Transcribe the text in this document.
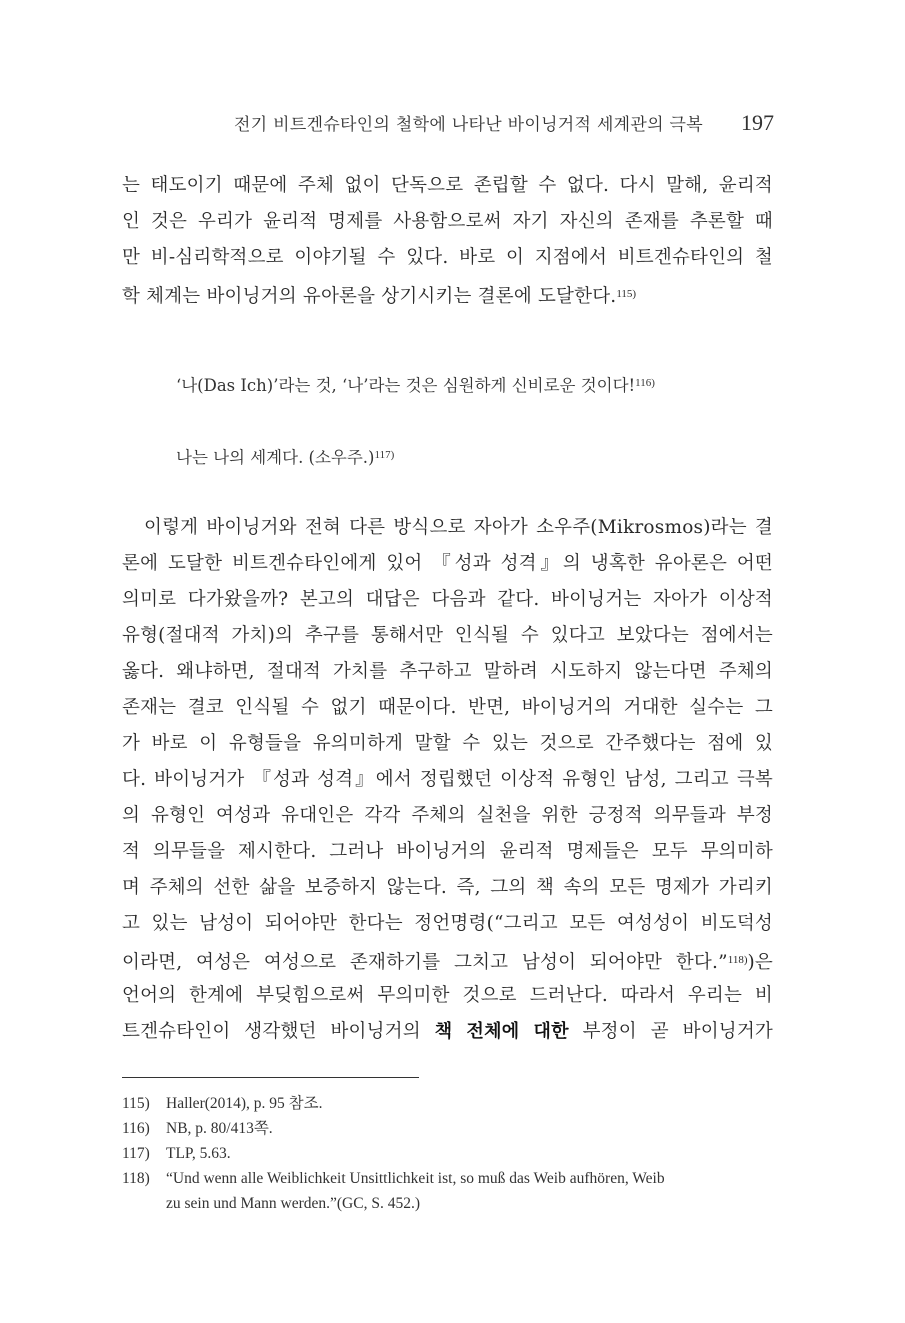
전기 비트겐슈타인의 철학에 나타난 바이닝거적 세계관의 극복 197
는 태도이기 때문에 주체 없이 단독으로 존립할 수 없다. 다시 말해, 윤리적
인 것은 우리가 윤리적 명제를 사용함으로써 자기 자신의 존재를 추론할 때
만 비-심리학적으로 이야기될 수 있다. 바로 이 지점에서 비트겐슈타인의 철
학 체계는 바이닝거의 유아론을 상기시키는 결론에 도달한다.$^{115)}$
‘나(Das Ich)’라는 것, ‘나’라는 것은 심원하게 신비로운 것이다!$^{116)}$
나는 나의 세계다. (소우주.)$^{117)}$
이렇게 바이닝거와 전혀 다른 방식으로 자아가 소우주(Mikrosmos)라는 결
론에 도달한 비트겐슈타인에게 있어 『성과 성격』의 냉혹한 유아론은 어떤
의미로 다가왔을까? 본고의 대답은 다음과 같다. 바이닝거는 자아가 이상적
유형(절대적 가치)의 추구를 통해서만 인식될 수 있다고 보았다는 점에서는
옳다. 왜냐하면, 절대적 가치를 추구하고 말하려 시도하지 않는다면 주체의
존재는 결코 인식될 수 없기 때문이다. 반면, 바이닝거의 거대한 실수는 그
가 바로 이 유형들을 유의미하게 말할 수 있는 것으로 간주했다는 점에 있
다. 바이닝거가 『성과 성격』에서 정립했던 이상적 유형인 남성, 그리고 극복
의 유형인 여성과 유대인은 각각 주체의 실천을 위한 긍정적 의무들과 부정
적 의무들을 제시한다. 그러나 바이닝거의 윤리적 명제들은 모두 무의미하
며 주체의 선한 삶을 보증하지 않는다. 즉, 그의 책 속의 모든 명제가 가리키
고 있는 남성이 되어야만 한다는 정언명령(“그리고 모든 여성성이 비도덕성
이라면, 여성은 여성으로 존재하기를 그치고 남성이 되어야만 한다.”$^{118)}$)은
언어의 한계에 부딪힘으로써 무의미한 것으로 드러난다. 따라서 우리는 비
트겐슈타인이 생각했던 바이닝거의 책 전체에 대한 부정이 곧 바이닝거가
115)	Haller(2014), p. 95 참조.
116)	NB, p. 80/413쪽.
117)	TLP, 5.63.
118)	“Und wenn alle Weiblichkeit Unsittlichkeit ist, so muß das Weib aufhören, Weib
zu sein und Mann werden.”(GC, S. 452.)
